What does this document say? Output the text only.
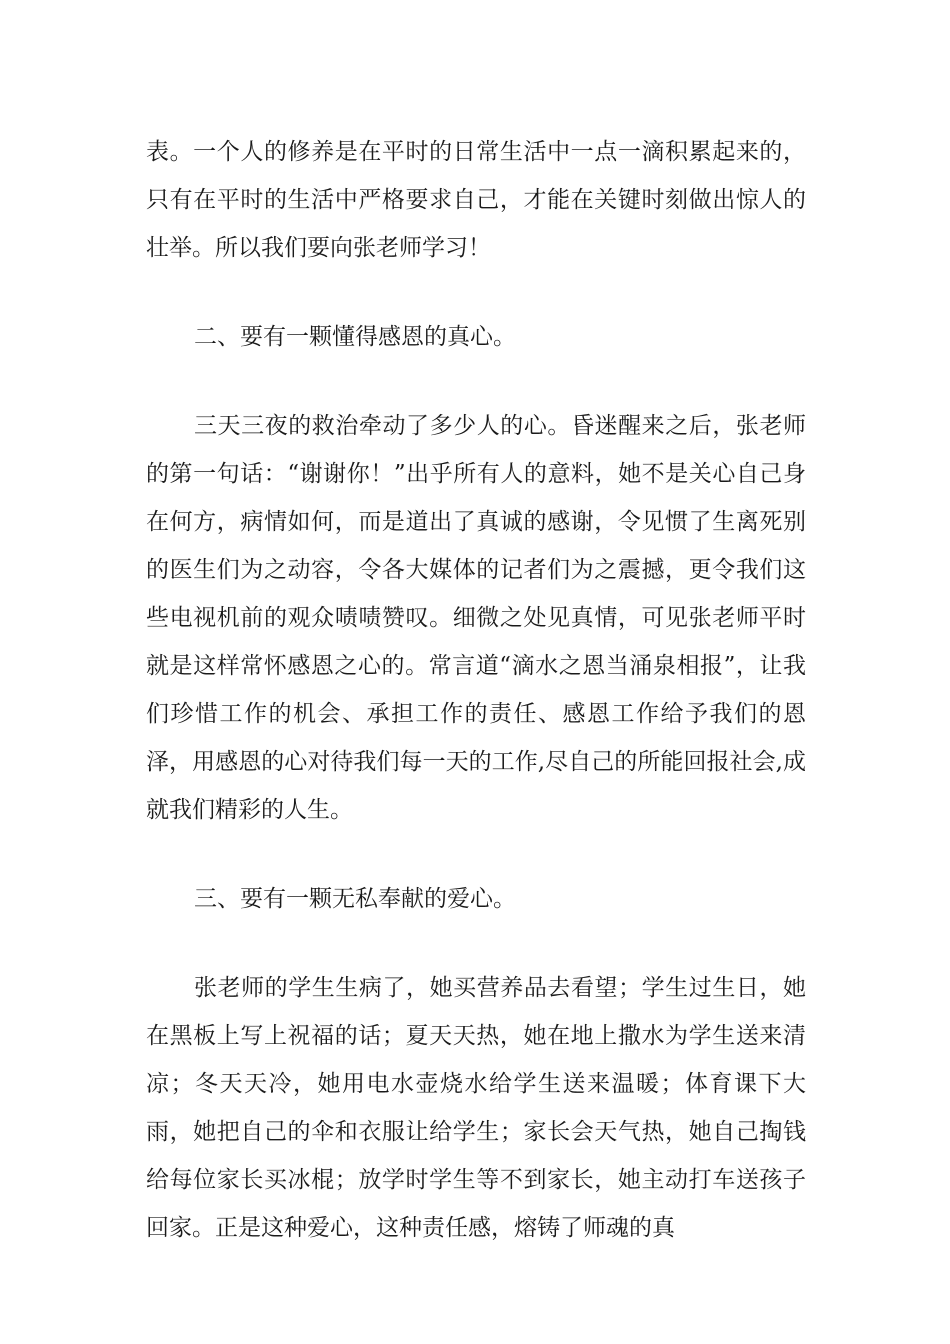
表。一个人的修养是在平时的日常生活中一点一滴积累起来的，只有在平时的生活中严格要求自己，才能在关键时刻做出惊人的壮举。所以我们要向张老师学习！

二、要有一颗懂得感恩的真心。

三天三夜的救治牵动了多少人的心。昏迷醒来之后，张老师的第一句话：“谢谢你！”出乎所有人的意料，她不是关心自己身在何方，病情如何，而是道出了真诚的感谢，令见惯了生离死别的医生们为之动容，令各大媒体的记者们为之震撼，更令我们这些电视机前的观众啧啧赞叹。细微之处见真情，可见张老师平时就是这样常怀感恩之心的。常言道“滴水之恩当涌泉相报”，让我们珍惜工作的机会、承担工作的责任、感恩工作给予我们的恩泽，用感恩的心对待我们每一天的工作,尽自己的所能回报社会,成就我们精彩的人生。

三、要有一颗无私奉献的爱心。

张老师的学生生病了，她买营养品去看望；学生过生日，她在黑板上写上祝福的话；夏天天热，她在地上撒水为学生送来清凉；冬天天冷，她用电水壶烧水给学生送来温暖；体育课下大雨，她把自己的伞和衣服让给学生；家长会天气热，她自己掏钱给每位家长买冰棍；放学时学生等不到家长，她主动打车送孩子回家。正是这种爱心，这种责任感，熔铸了师魂的真
